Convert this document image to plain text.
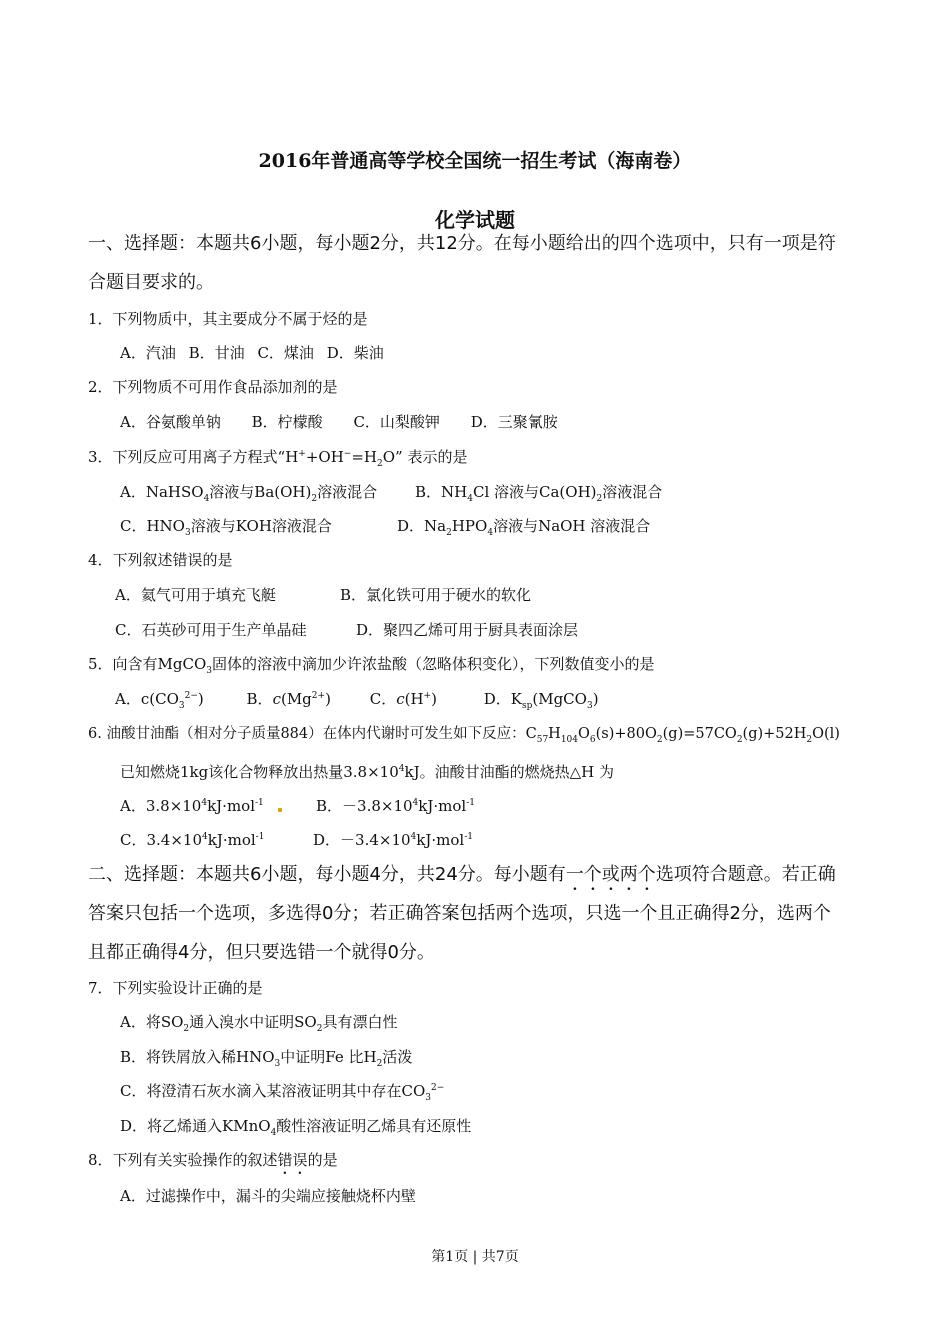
2016年普通高等学校全国统一招生考试（海南卷）
化学试题
一、选择题：本题共6小题，每小题2分，共12分。在每小题给出的四个选项中，只有一项是符
合题目要求的。
1．下列物质中，其主要成分不属于烃的是
A．汽油 B．甘油 C．煤油 D．柴油
2．下列物质不可用作食品添加剂的是
A．谷氨酸单钠 B．柠檬酸 C．山梨酸钾 D．三聚氰胺
3．下列反应可用离子方程式“$H^++OH^-=H_2O$” 表示的是
A．NaHSO$_4$溶液与$Ba(OH)_2$溶液混合	B．$NH_4Cl$ 溶液与$Ca(OH)_2$溶液混合
C．$HNO_3$溶液与KOH溶液混合	D．$Na_2HPO_4$溶液与NaOH 溶液混合
4．下列叙述错误的是
A．氦气可用于填充飞艇	B．氯化铁可用于硬水的软化
C．石英砂可用于生产单晶硅	D．聚四乙烯可用于厨具表面涂层
5．向含有MgCO$_3$固体的溶液中滴加少许浓盐酸（忽略体积变化），下列数值变小的是
A．$c(CO_3^{2-})$	B．$c(Mg^{2+})$	C．c(H+)	D．$K_{sp}(MgCO_3)$
6. 油酸甘油酯（相对分子质量884）在体内代谢时可发生如下反应：$C_{57}H_{104}O_6(s)+80O_2(g)=57CO_2(g)+52H_2O(l)$
已知燃烧1kg该化合物释放出热量$3.8\times 10^4kJ$。油酸甘油酯的燃烧热△H 为
A．$3.8\times 10^4kJ\cdot mol^{-1}$	B．$-3.8\times 10^4kJ\cdot mol^{-1}$
C．$3.4\times 10^4kJ\cdot mol^{-1}$	D．$-3.4\times 10^4kJ\cdot mol^{-1}$
二、选择题：本题共6小题，每小题4分，共24分。每小题有一个或两个选项符合题意。若正确
答案只包括一个选项，多选得0分；若正确答案包括两个选项，只选一个且正确得2分，选两个
且都正确得4分，但只要选错一个就得0分。
7．下列实验设计正确的是
A．将$SO_2$通入溴水中证明$SO_2$具有漂白性
B．将铁屑放入稀$HNO_3$中证明Fe 比$H_2$活泼
C．将澄清石灰水滴入某溶液证明其中存在$CO_3^{2-}$
D．将乙烯通入KMnO$_4$酸性溶液证明乙烯具有还原性
8．下列有关实验操作的叙述错误的是
A．过滤操作中，漏斗的尖端应接触烧杯内壁
第1页 | 共7页
